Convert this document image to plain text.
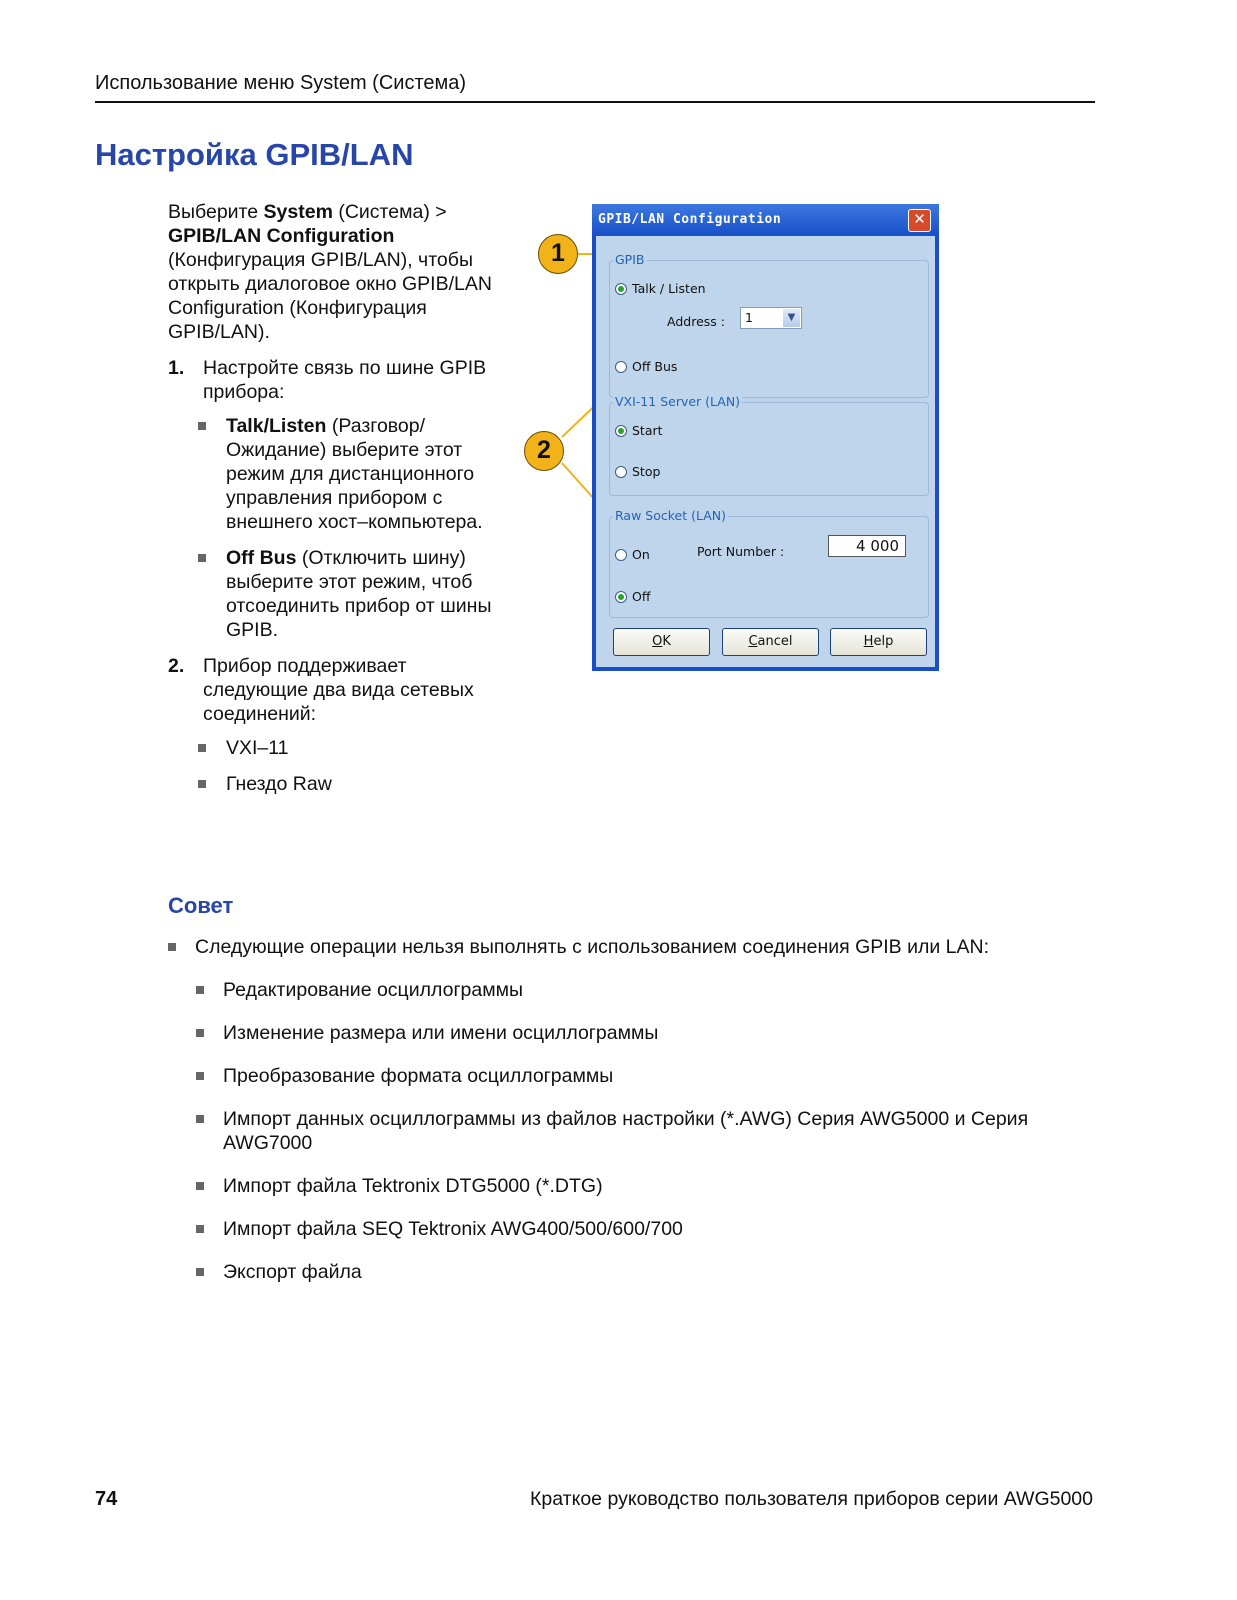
Использование меню System (Система)
Настройка GPIB/LAN

Выберите System (Система) > GPIB/LAN Configuration (Конфигурация GPIB/LAN), чтобы открыть диалоговое окно GPIB/LAN Configuration (Конфигурация GPIB/LAN).

1. Настройте связь по шине GPIB прибора:
Talk/Listen (Разговор/Ожидание) выберите этот режим для дистанционного управления прибором с внешнего хост–компьютера.
Off Bus (Отключить шину) выберите этот режим, чтоб отсоединить прибор от шины GPIB.
2. Прибор поддерживает следующие два вида сетевых соединений:
VXI–11
Гнездо Raw
1
2
GPIB/LAN Configuration	✕
GPIB
Talk / Listen
Address : 1	▼
Off Bus
VXI-11 Server (LAN)
Start
Stop
Raw Socket (LAN)
On	Port Number :	4 000
Off
OK	Cancel	Help
Совет
Следующие операции нельзя выполнять с использованием соединения GPIB или LAN:
Редактирование осциллограммы
Изменение размера или имени осциллограммы
Преобразование формата осциллограммы
Импорт данных осциллограммы из файлов настройки (*.AWG) Серия AWG5000 и Серия AWG7000
Импорт файла Tektronix DTG5000 (*.DTG)
Импорт файла SEQ Tektronix AWG400/500/600/700
Экспорт файла
74	Краткое руководство пользователя приборов серии AWG5000
